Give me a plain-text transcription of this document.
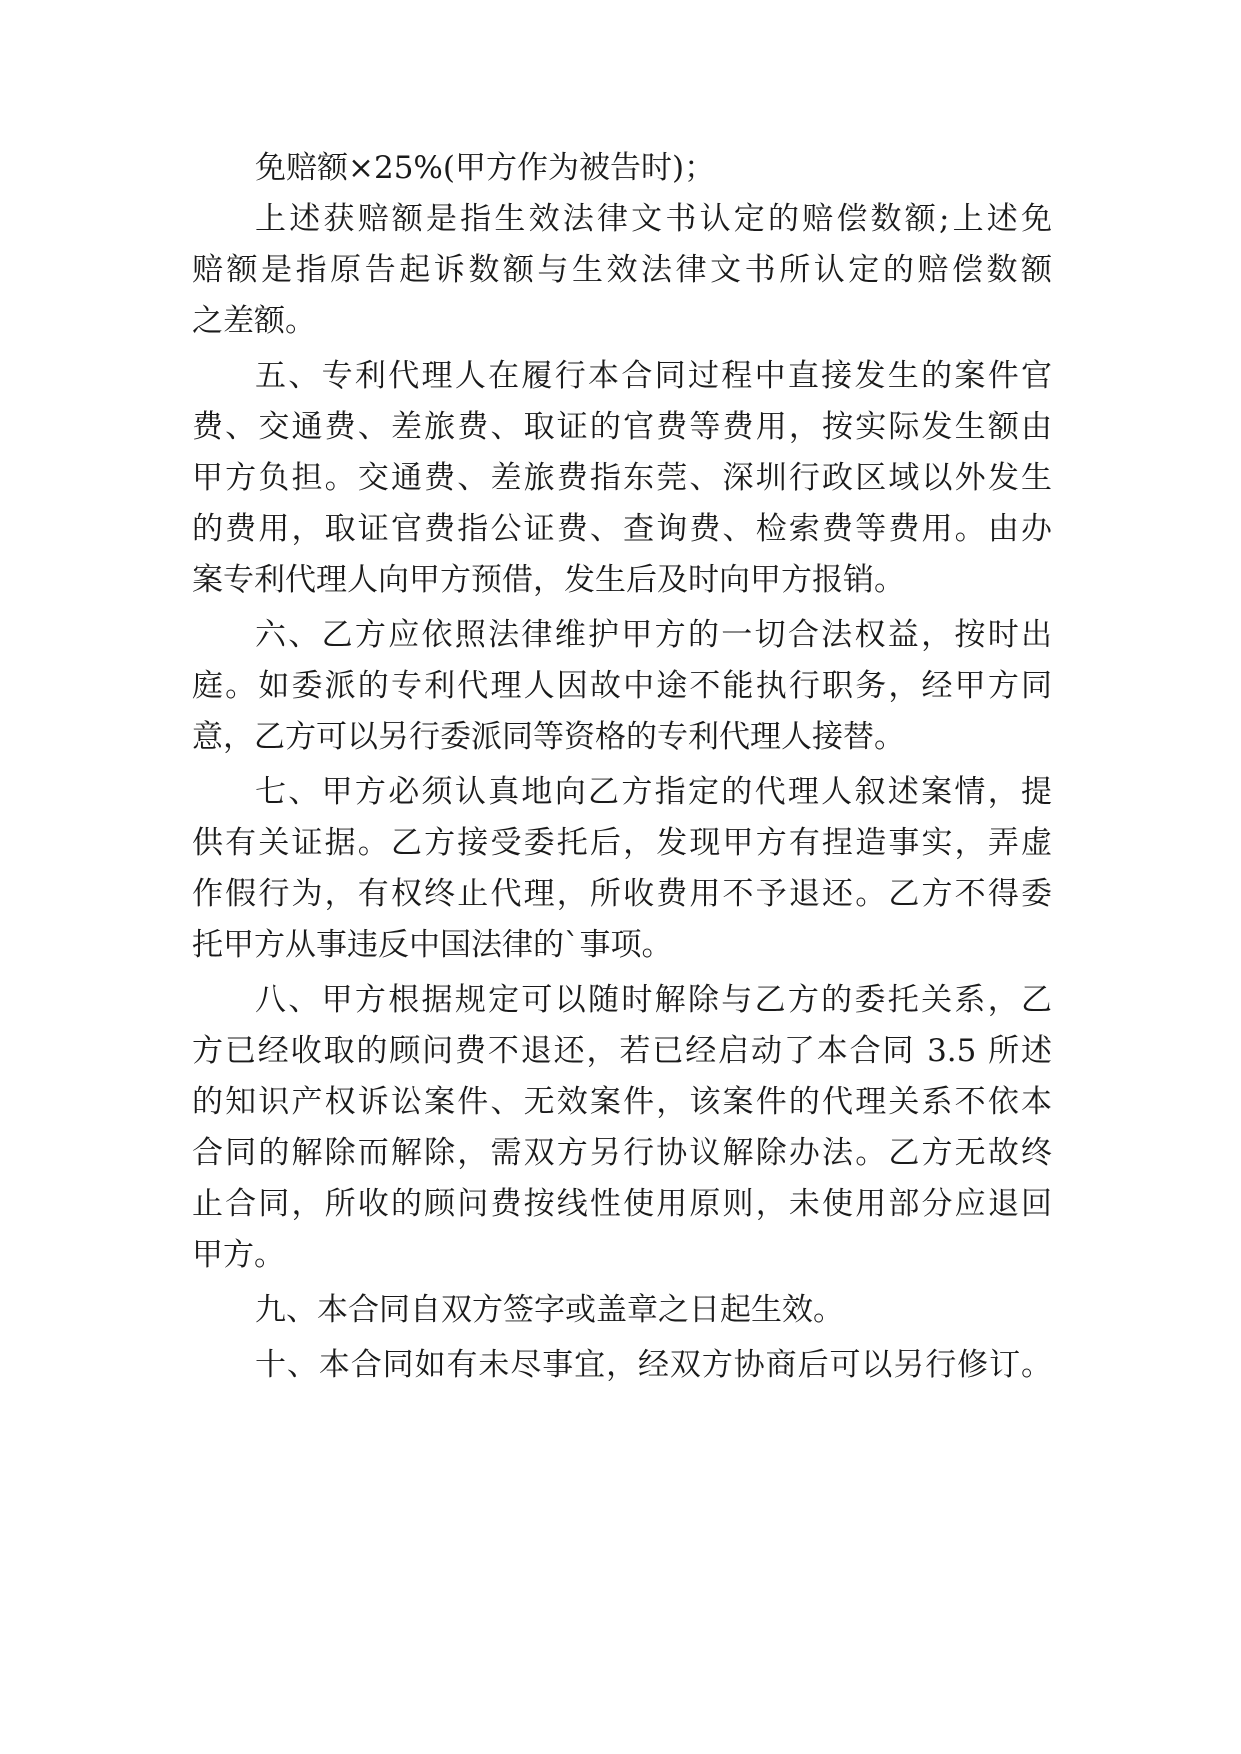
免赔额×25%(甲方作为被告时)；
上述获赔额是指生效法律文书认定的赔偿数额;上述免
赔额是指原告起诉数额与生效法律文书所认定的赔偿数额
之差额。
五、专利代理人在履行本合同过程中直接发生的案件官
费、交通费、差旅费、取证的官费等费用，按实际发生额由
甲方负担。交通费、差旅费指东莞、深圳行政区域以外发生
的费用，取证官费指公证费、查询费、检索费等费用。由办
案专利代理人向甲方预借，发生后及时向甲方报销。
六、乙方应依照法律维护甲方的一切合法权益，按时出
庭。如委派的专利代理人因故中途不能执行职务，经甲方同
意，乙方可以另行委派同等资格的专利代理人接替。
七、甲方必须认真地向乙方指定的代理人叙述案情，提
供有关证据。乙方接受委托后，发现甲方有捏造事实，弄虚
作假行为，有权终止代理，所收费用不予退还。乙方不得委
托甲方从事违反中国法律的`事项。
八、甲方根据规定可以随时解除与乙方的委托关系，乙
方已经收取的顾问费不退还，若已经启动了本合同 3.5 所述
的知识产权诉讼案件、无效案件，该案件的代理关系不依本
合同的解除而解除，需双方另行协议解除办法。乙方无故终
止合同，所收的顾问费按线性使用原则，未使用部分应退回
甲方。
九、本合同自双方签字或盖章之日起生效。
十、本合同如有未尽事宜，经双方协商后可以另行修订。
